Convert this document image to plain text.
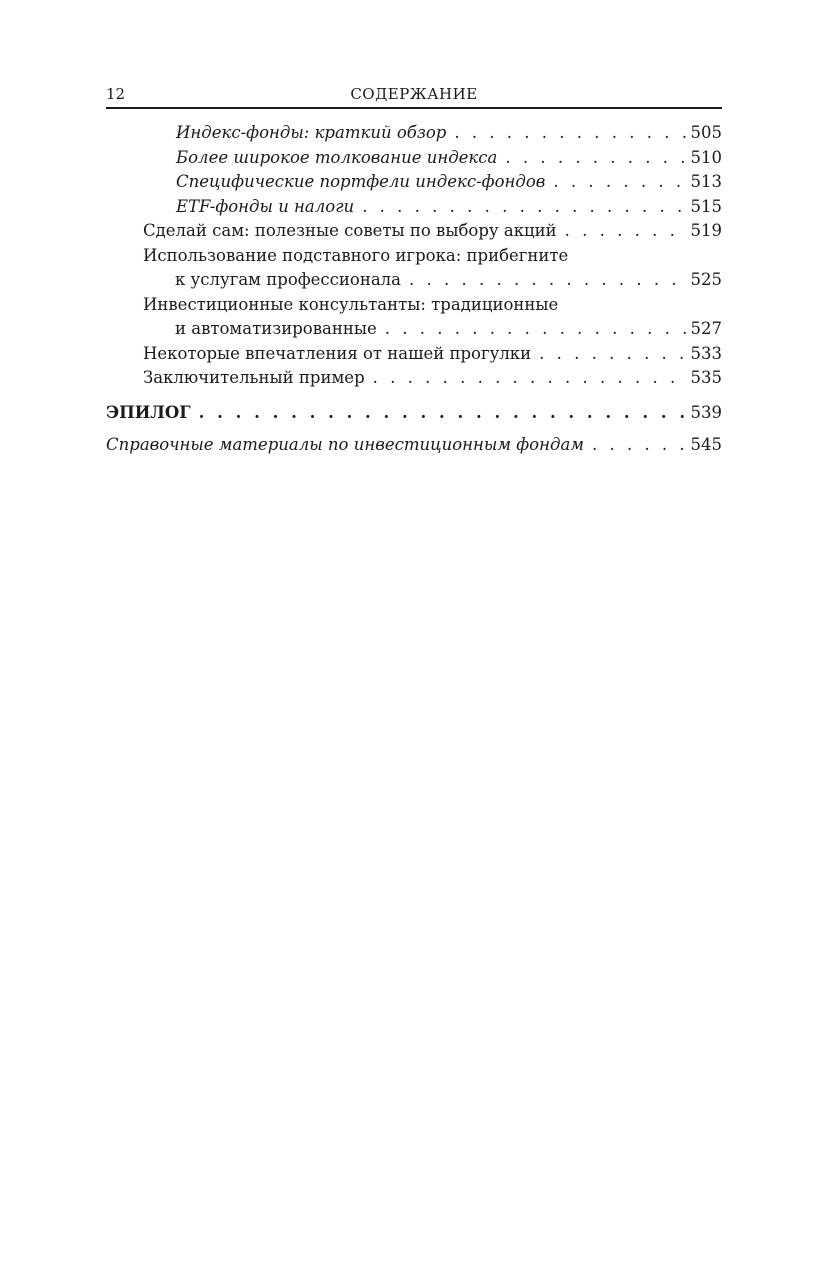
12	СОДЕРЖАНИЕ
Индекс-фонды: краткий обзор . . .	505
Более широкое толкование индекса . . .	510
Специфические портфели индекс-фондов . . .	513
ETF-фонды и налоги . . .	515
Сделай сам: полезные советы по выбору акций . . .	519
Использование подставного игрока: прибегните
к услугам профессионала . . .	525
Инвестиционные консультанты: традиционные
и автоматизированные . . .	527
Некоторые впечатления от нашей прогулки . . .	533
Заключительный пример . . .	535
ЭПИЛОГ . . .	539
Справочные материалы по инвестиционным фондам . . .	545
